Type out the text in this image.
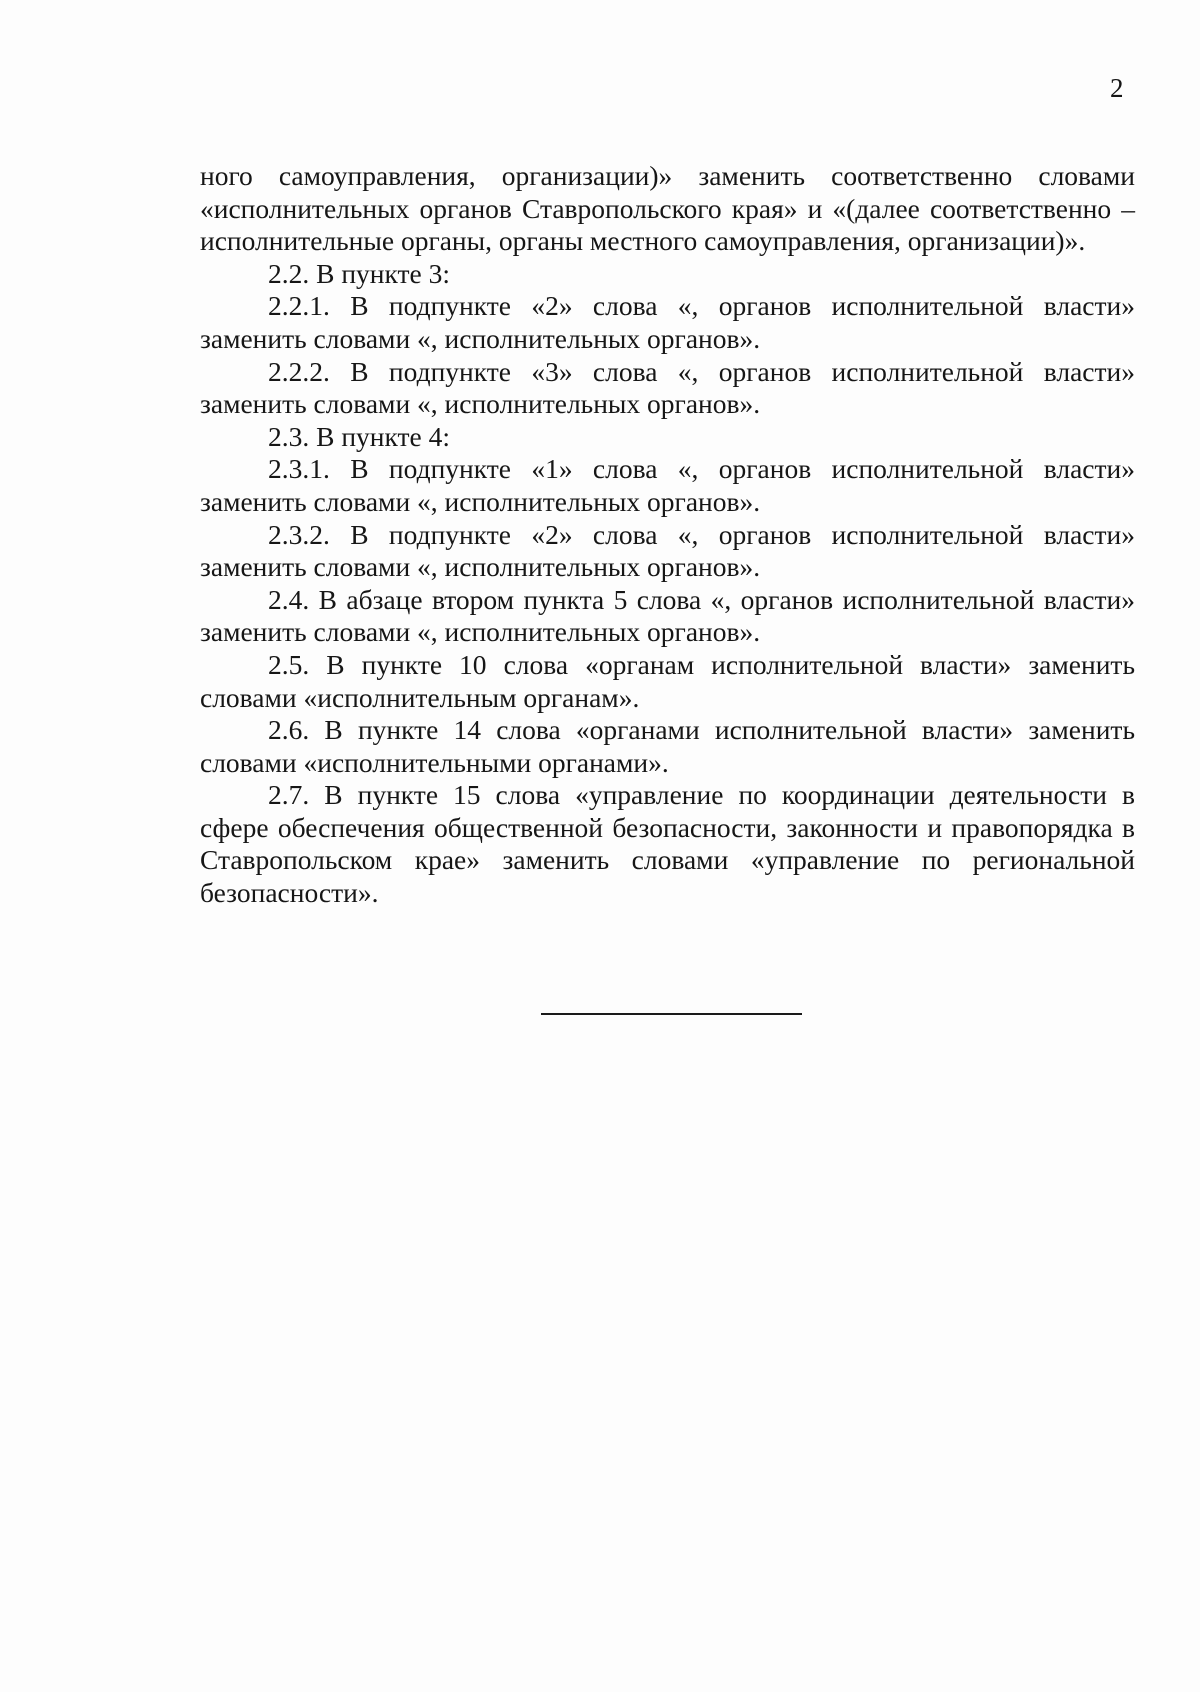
2

ного самоуправления, организации)» заменить соответственно словами «исполнительных органов Ставропольского края» и «(далее соответственно – исполнительные органы, органы местного самоуправления, организации)».

2.2. В пункте 3:

2.2.1. В подпункте «2» слова «, органов исполнительной власти» заменить словами «, исполнительных органов».

2.2.2. В подпункте «3» слова «, органов исполнительной власти» заменить словами «, исполнительных органов».

2.3. В пункте 4:

2.3.1. В подпункте «1» слова «, органов исполнительной власти» заменить словами «, исполнительных органов».

2.3.2. В подпункте «2» слова «, органов исполнительной власти» заменить словами «, исполнительных органов».

2.4. В абзаце втором пункта 5 слова «, органов исполнительной власти» заменить словами «, исполнительных органов».

2.5. В пункте 10 слова «органам исполнительной власти» заменить словами «исполнительным органам».

2.6. В пункте 14 слова «органами исполнительной власти» заменить словами «исполнительными органами».

2.7. В пункте 15 слова «управление по координации деятельности в сфере обеспечения общественной безопасности, законности и правопорядка в Ставропольском крае» заменить словами «управление по региональной безопасности».
